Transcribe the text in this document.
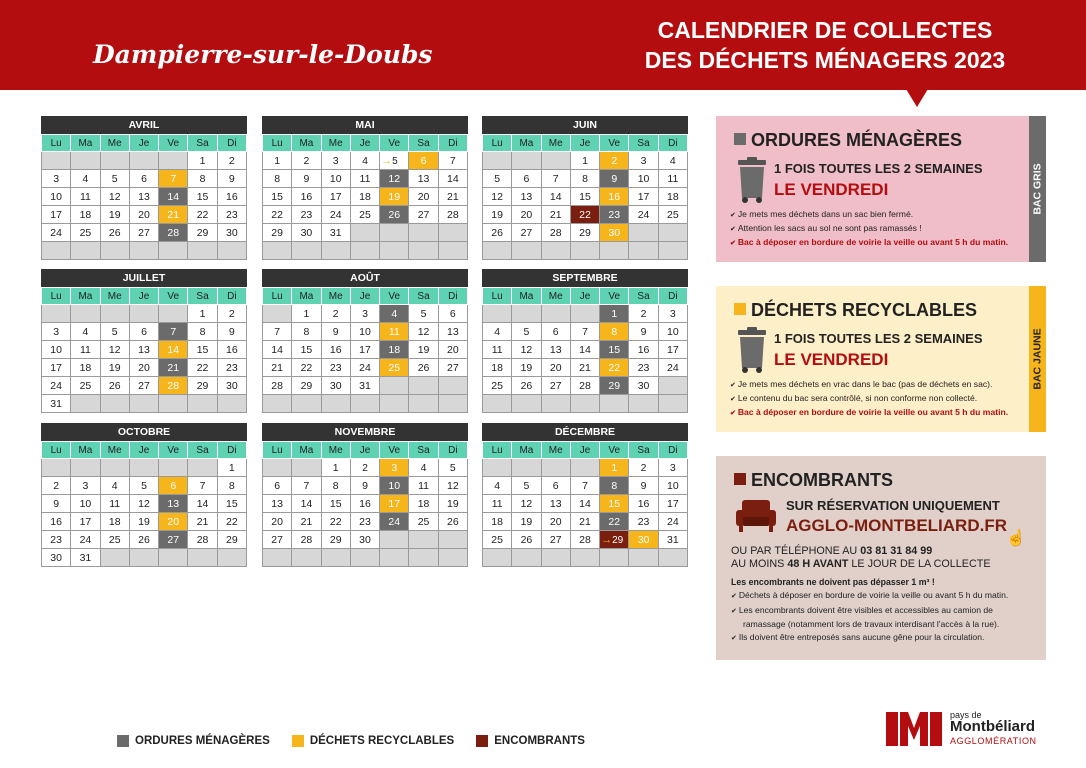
Dampierre-sur-le-Doubs
CALENDRIER DE COLLECTES
DES DÉCHETS MÉNAGERS 2023
AVRIL
Lu	Ma	Me	Je	Ve	Sa	Di
					1	2
3	4	5	6	7	8	9
10	11	12	13	14	15	16
17	18	19	20	21	22	23
24	25	26	27	28	29	30

MAI
Lu	Ma	Me	Je	Ve	Sa	Di
1	2	3	4	→5	6	7
8	9	10	11	12	13	14
15	16	17	18	19	20	21
22	23	24	25	26	27	28
29	30	31				

JUIN
Lu	Ma	Me	Je	Ve	Sa	Di
			1	2	3	4
5	6	7	8	9	10	11
12	13	14	15	16	17	18
19	20	21	22	23	24	25
26	27	28	29	30		

JUILLET
Lu	Ma	Me	Je	Ve	Sa	Di
					1	2
3	4	5	6	7	8	9
10	11	12	13	14	15	16
17	18	19	20	21	22	23
24	25	26	27	28	29	30
31						
AOÛT
Lu	Ma	Me	Je	Ve	Sa	Di
	1	2	3	4	5	6
7	8	9	10	11	12	13
14	15	16	17	18	19	20
21	22	23	24	25	26	27
28	29	30	31			

SEPTEMBRE
Lu	Ma	Me	Je	Ve	Sa	Di
				1	2	3
4	5	6	7	8	9	10
11	12	13	14	15	16	17
18	19	20	21	22	23	24
25	26	27	28	29	30	

OCTOBRE
Lu	Ma	Me	Je	Ve	Sa	Di
						1
2	3	4	5	6	7	8
9	10	11	12	13	14	15
16	17	18	19	20	21	22
23	24	25	26	27	28	29
30	31					
NOVEMBRE
Lu	Ma	Me	Je	Ve	Sa	Di
		1	2	3	4	5
6	7	8	9	10	11	12
13	14	15	16	17	18	19
20	21	22	23	24	25	26
27	28	29	30			

DÉCEMBRE
Lu	Ma	Me	Je	Ve	Sa	Di
				1	2	3
4	5	6	7	8	9	10
11	12	13	14	15	16	17
18	19	20	21	22	23	24
25	26	27	28	→29	30	31

BAC GRIS
ORDURES MÉNAGÈRES
1 FOIS TOUTES LES 2 SEMAINES
LE VENDREDI
✔ Je mets mes déchets dans un sac bien fermé.
✔ Attention les sacs au sol ne sont pas ramassés !
✔ Bac à déposer en bordure de voirie la veille ou avant 5 h du matin.
BAC JAUNE
DÉCHETS RECYCLABLES
1 FOIS TOUTES LES 2 SEMAINES
LE VENDREDI
✔ Je mets mes déchets en vrac dans le bac (pas de déchets en sac).
✔ Le contenu du bac sera contrôlé, si non conforme non collecté.
✔ Bac à déposer en bordure de voirie la veille ou avant 5 h du matin.
ENCOMBRANTS
SUR RÉSERVATION UNIQUEMENT
AGGLO-MONTBELIARD.FR
☝
OU PAR TÉLÉPHONE AU 03 81 31 84 99
AU MOINS 48 H AVANT LE JOUR DE LA COLLECTE
Les encombrants ne doivent pas dépasser 1 m³ !
✔ Déchets à déposer en bordure de voirie la veille ou avant 5 h du matin.
✔ Les encombrants doivent être visibles et accessibles au camion de
ramassage (notamment lors de travaux interdisant l'accès à la rue).
✔ Ils doivent être entreposés sans aucune gêne pour la circulation.
ORDURES MÉNAGÈRES	DÉCHETS RECYCLABLES	ENCOMBRANTS
pays de
Montbéliard
AGGLOMÉRATION
